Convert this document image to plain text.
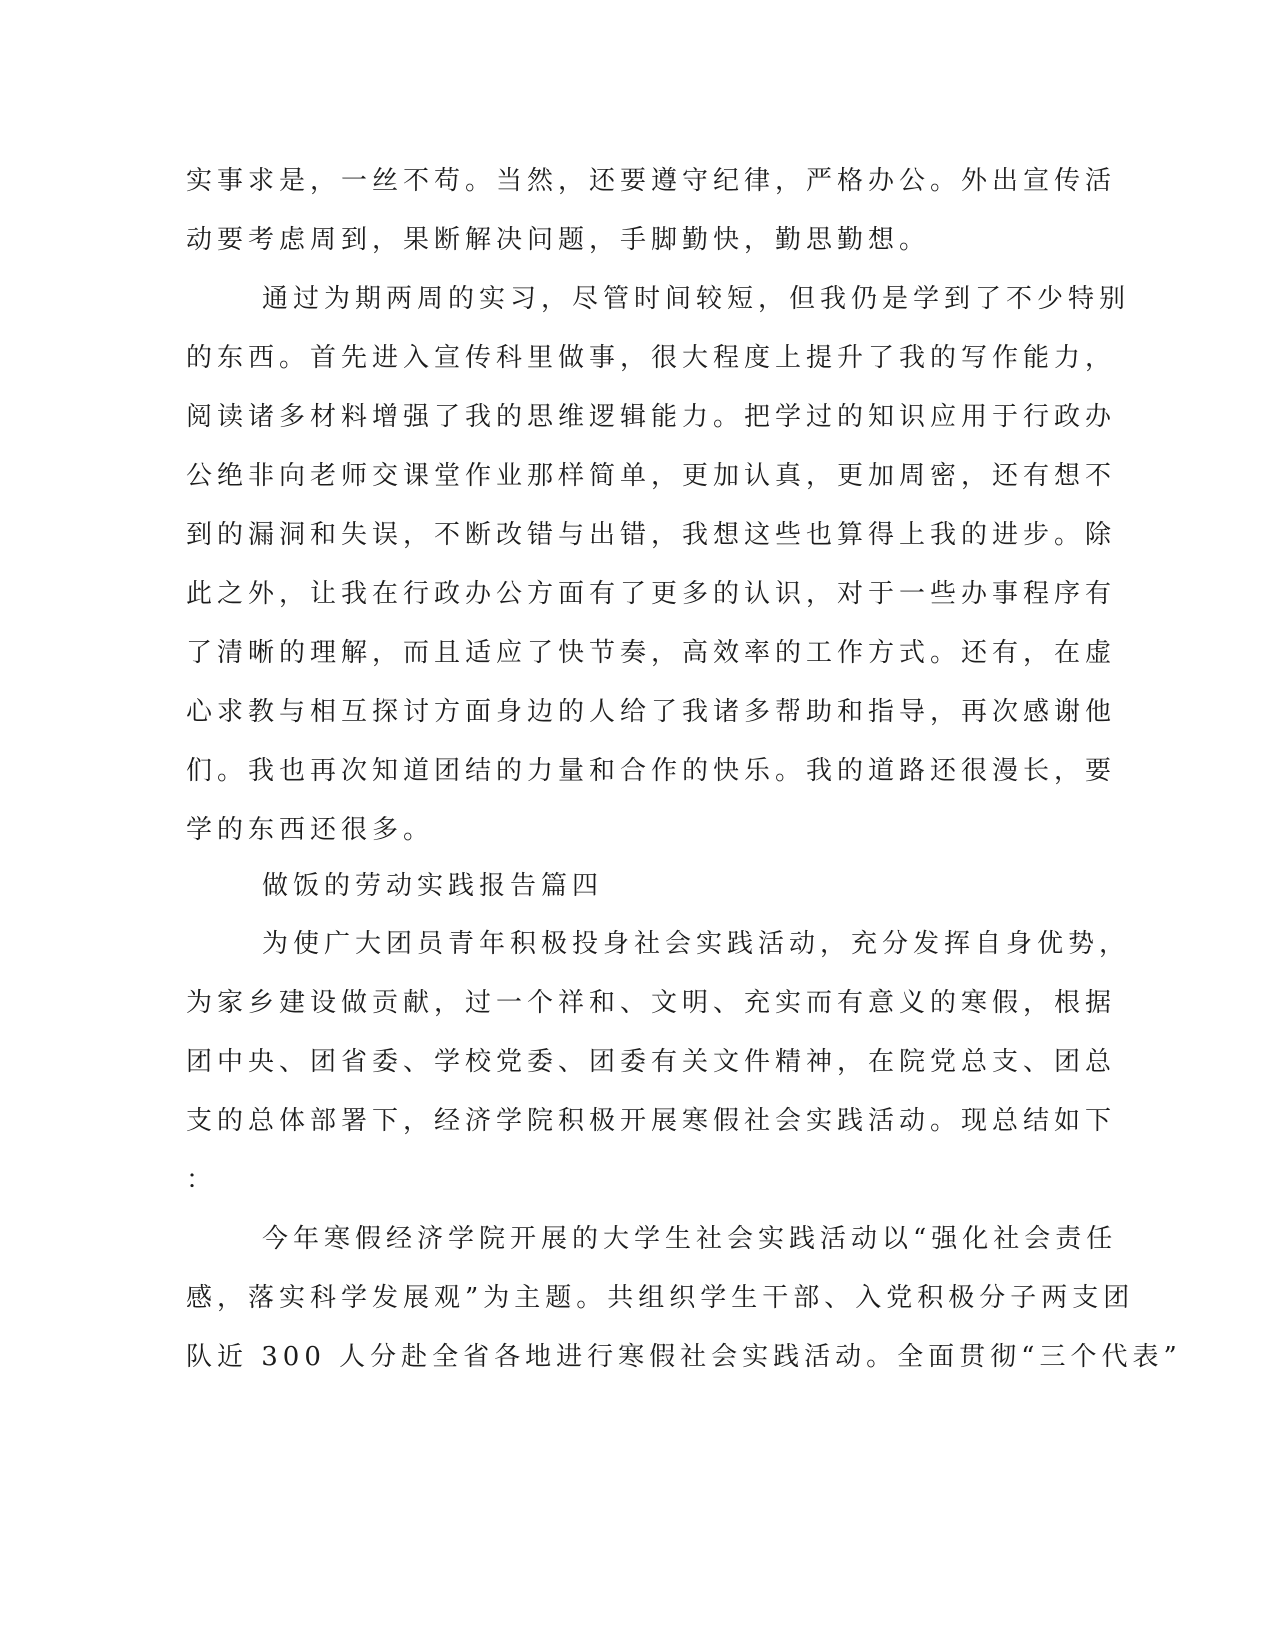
实事求是，一丝不苟。当然，还要遵守纪律，严格办公。外出宣传活
动要考虑周到，果断解决问题，手脚勤快，勤思勤想。
通过为期两周的实习，尽管时间较短，但我仍是学到了不少特别
的东西。首先进入宣传科里做事，很大程度上提升了我的写作能力，
阅读诸多材料增强了我的思维逻辑能力。把学过的知识应用于行政办
公绝非向老师交课堂作业那样简单，更加认真，更加周密，还有想不
到的漏洞和失误，不断改错与出错，我想这些也算得上我的进步。除
此之外，让我在行政办公方面有了更多的认识，对于一些办事程序有
了清晰的理解，而且适应了快节奏，高效率的工作方式。还有，在虚
心求教与相互探讨方面身边的人给了我诸多帮助和指导，再次感谢他
们。我也再次知道团结的力量和合作的快乐。我的道路还很漫长，要
学的东西还很多。
做饭的劳动实践报告篇四
为使广大团员青年积极投身社会实践活动，充分发挥自身优势，
为家乡建设做贡献，过一个祥和、文明、充实而有意义的寒假，根据
团中央、团省委、学校党委、团委有关文件精神，在院党总支、团总
支的总体部署下，经济学院积极开展寒假社会实践活动。现总结如下
：
今年寒假经济学院开展的大学生社会实践活动以“强化社会责任
感，落实科学发展观”为主题。共组织学生干部、入党积极分子两支团
队近 300 人分赴全省各地进行寒假社会实践活动。全面贯彻“三个代表”
